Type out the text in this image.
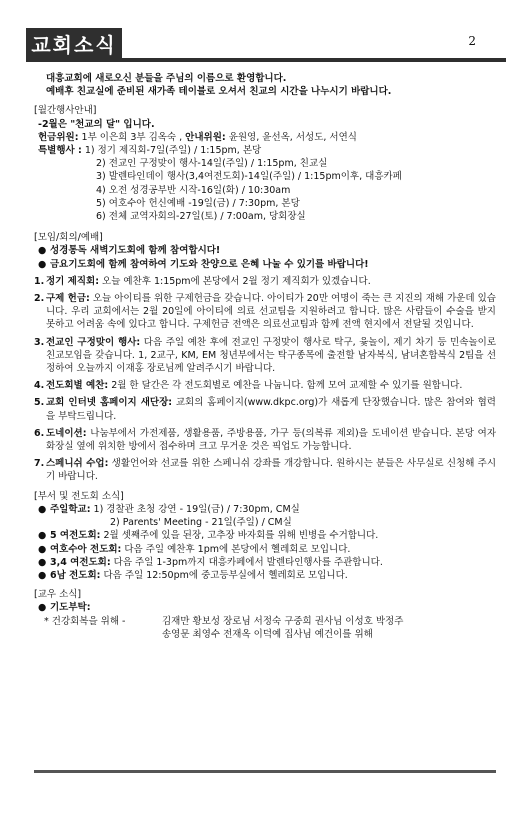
교회소식	2
대흥교회에 새로오신 분들을 주님의 이름으로 환영합니다.
예배후 친교실에 준비된 새가족 테이블로 오셔서 친교의 시간을 나누시기 바랍니다.
[월간행사안내]
-2월은 "천교의 달" 입니다.
헌금위원: 1부 이은희 3부 김옥숙 , 안내위원: 윤원영, 윤선옥, 서성도, 서연식
특별행사 : 1) 정기 제직회-7일(주일) / 1:15pm, 본당
2) 전교인 구정맞이 행사-14일(주일) / 1:15pm, 친교실
3) 발렌타인데이 행사(3,4여전도회)-14일(주일) / 1:15pm이후, 대흥카페
4) 오전 성경공부반 시작-16일(화) / 10:30am
5) 여호수아 헌신예배 -19일(금) / 7:30pm, 본당
6) 전체 교역자회의-27일(토) / 7:00am, 당회장실
[모임/회의/예배]
● 성경통독 새벽기도회에 함께 참여합시다!
● 금요기도회에 함께 참여하여 기도와 찬양으로 은혜 나눌 수 있기를 바랍니다!
1. 정기 제직회: 오늘 예찬후 1:15pm에 본당에서 2월 정기 제직회가 있겠습니다.
2. 구제 헌금: 오늘 아이티를 위한 구제헌금을 갖습니다. 아이티가 20만 여명이 죽는 큰 지진의 재해 가운데 있습니다. 우리 교회에서는 2월 20일에 아이티에 의료 선교팀을 지원하려고 합니다. 많은 사람들이 수술을 받지 못하고 어려움 속에 있다고 합니다. 구제헌금 전액은 의료선교팀과 함께 전액 현지에서 전달될 것입니다.
3. 전교인 구정맞이 행사: 다음 주일 예찬 후에 전교인 구정맞이 행사로 탁구, 윷놀이, 제기 차기 등 민속놀이로 친교모임을 갖습니다. 1, 2교구, KM, EM 청년부에서는 탁구종목에 출전할 남자복식, 남녀혼합복식 2팀을 선정하여 오늘까지 이재홍 장로님께 알려주시기 바랍니다.
4. 전도회별 예찬: 2월 한 달간은 각 전도회별로 예찬을 나눕니다. 함께 모여 교제할 수 있기를 원합니다.
5. 교회 인터넷 홈페이지 새단장: 교회의 홈페이지(www.dkpc.org)가 새롭게 단장했습니다. 많은 참여와 협력을 부탁드립니다.
6. 도네이션: 나눔부에서 가전제품, 생활용품, 주방용품, 가구 등(의복류 제외)을 도네이션 받습니다. 본당 여자화장실 옆에 위치한 방에서 접수하며 크고 무거운 것은 픽업도 가능합니다.
7. 스페니쉬 수업: 생활언어와 선교를 위한 스페니쉬 강좌를 개강합니다. 원하시는 분들은 사무실로 신청해 주시기 바랍니다.
[부서 및 전도회 소식]
● 주일학교: 1) 경찰관 초청 강연 - 19일(금) / 7:30pm, CM실
2) Parents' Meeting - 21일(주일) / CM실
● 5 여전도회: 2월 셋째주에 있을 된장, 고추장 바자회를 위해 빈병을 수거합니다.
● 여호수아 전도회: 다음 주일 예찬후 1pm에 본당에서 헬레회로 모입니다.
● 3,4 여전도회: 다음 주일 1-3pm까지 대흥카페에서 발렌타인행사를 주관합니다.
● 6남 전도회: 다음 주일 12:50pm에 중고등부실에서 헬레회로 모입니다.
[교우 소식]
● 기도부탁:
* 건강회복을 위해 -	김재만 황보성 장로님 서정숙 구중희 권사님 이성호 박정주
송영문 최영수 전재옥 이덕예 집사님 예건이를 위해
